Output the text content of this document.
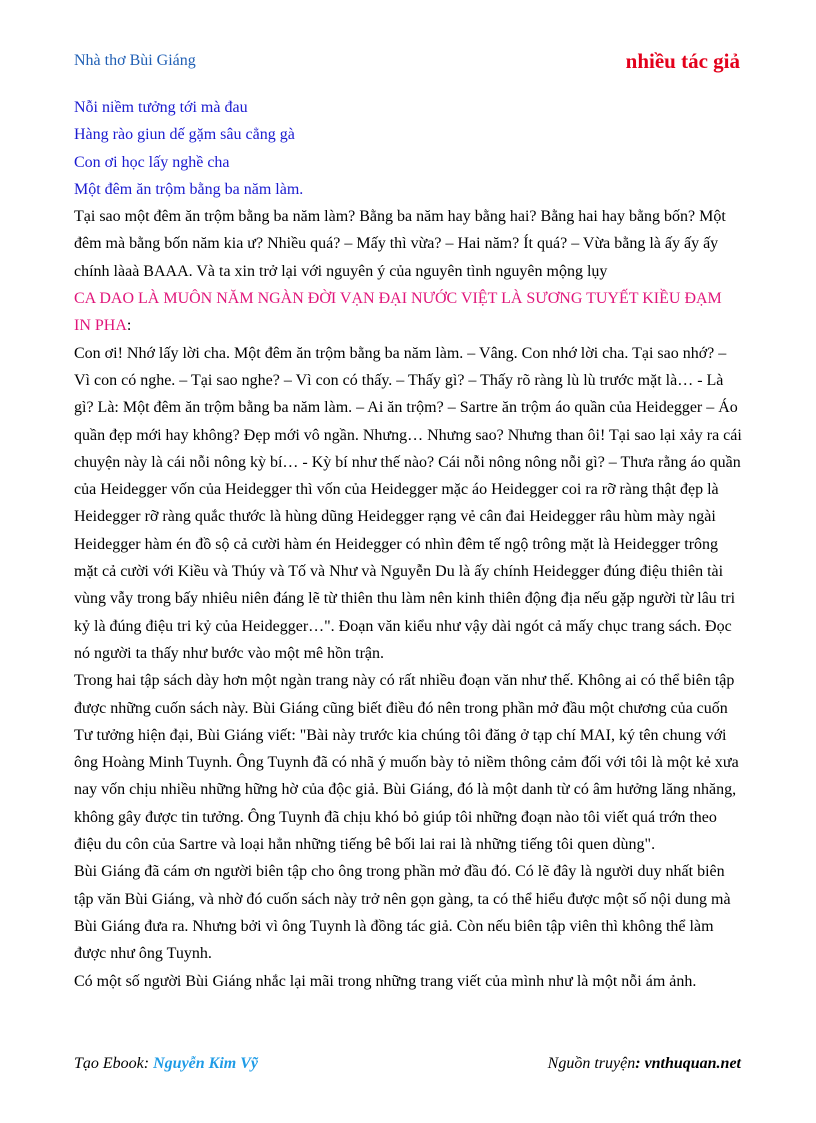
Nhà thơ Bùi Giáng	nhiều tác giả

Nỗi niềm tưởng tới mà đau

Hàng rào giun dế gặm sâu cẳng gà

Con ơi học lấy nghề cha

Một đêm ăn trộm bằng ba năm làm.

Tại sao một đêm ăn trộm bằng ba năm làm? Bằng ba năm hay bằng hai? Bằng hai hay bằng bốn? Một đêm mà bằng bốn năm kia ư? Nhiều quá? – Mấy thì vừa? – Hai năm? Ít quá? – Vừa bằng là ấy ấy ấy chính làaà BAAA. Và ta xin trở lại với nguyên ý của nguyên tình nguyên mộng lụy

CA DAO LÀ MUÔN NĂM NGÀN ĐỜI VẠN ĐẠI NƯỚC VIỆT LÀ SƯƠNG TUYẾT KIỀU ĐẠM IN PHA:

Con ơi! Nhớ lấy lời cha. Một đêm ăn trộm bằng ba năm làm. – Vâng. Con nhớ lời cha. Tại sao nhớ? – Vì con có nghe. – Tại sao nghe? – Vì con có thấy. – Thấy gì? – Thấy rõ ràng lù lù trước mặt là… - Là gì? Là: Một đêm ăn trộm bằng ba năm làm. – Ai ăn trộm? – Sartre ăn trộm áo quần của Heidegger – Áo quần đẹp mới hay không? Đẹp mới vô ngần. Nhưng… Nhưng sao? Nhưng than ôi! Tại sao lại xảy ra cái chuyện này là cái nỗi nông kỳ bí… - Kỳ bí như thế nào? Cái nỗi nông nông nỗi gì? – Thưa rằng áo quần của Heidegger vốn của Heidegger thì vốn của Heidegger mặc áo Heidegger coi ra rỡ ràng thật đẹp là Heidegger rỡ ràng quắc thước là hùng dũng Heidegger rạng vẻ cân đai Heidegger râu hùm mày ngài Heidegger hàm én đồ sộ cả cười hàm én Heidegger có nhìn đêm tế ngộ trông mặt là Heidegger trông mặt cả cười với Kiều và Thúy và Tố và Như và Nguyễn Du là ấy chính Heidegger đúng điệu thiên tài vùng vẫy trong bấy nhiêu niên đáng lẽ từ thiên thu làm nên kinh thiên động địa nếu gặp người từ lâu tri kỷ là đúng điệu tri kỷ của Heidegger…". Đoạn văn kiểu như vậy dài ngót cả mấy chục trang sách. Đọc nó người ta thấy như bước vào một mê hồn trận.

Trong hai tập sách dày hơn một ngàn trang này có rất nhiều đoạn văn như thế. Không ai có thể biên tập được những cuốn sách này. Bùi Giáng cũng biết điều đó nên trong phần mở đầu một chương của cuốn Tư tưởng hiện đại, Bùi Giáng viết: "Bài này trước kia chúng tôi đăng ở tạp chí MAI, ký tên chung với ông Hoàng Minh Tuynh. Ông Tuynh đã có nhã ý muốn bày tỏ niềm thông cảm đối với tôi là một kẻ xưa nay vốn chịu nhiều những hững hờ của độc giả. Bùi Giáng, đó là một danh từ có âm hưởng lăng nhăng, không gây được tin tưởng. Ông Tuynh đã chịu khó bỏ giúp tôi những đoạn nào tôi viết quá trớn theo điệu du côn của Sartre và loại hẳn những tiếng bê bối lai rai là những tiếng tôi quen dùng".

Bùi Giáng đã cám ơn người biên tập cho ông trong phần mở đầu đó. Có lẽ đây là người duy nhất biên tập văn Bùi Giáng, và nhờ đó cuốn sách này trở nên gọn gàng, ta có thể hiểu được một số nội dung mà Bùi Giáng đưa ra. Nhưng bởi vì ông Tuynh là đồng tác giả. Còn nếu biên tập viên thì không thể làm được như ông Tuynh.

Có một số người Bùi Giáng nhắc lại mãi trong những trang viết của mình như là một nỗi ám ảnh.

Tạo Ebook: Nguyễn Kim Vỹ	Nguồn truyện: vnthuquan.net
